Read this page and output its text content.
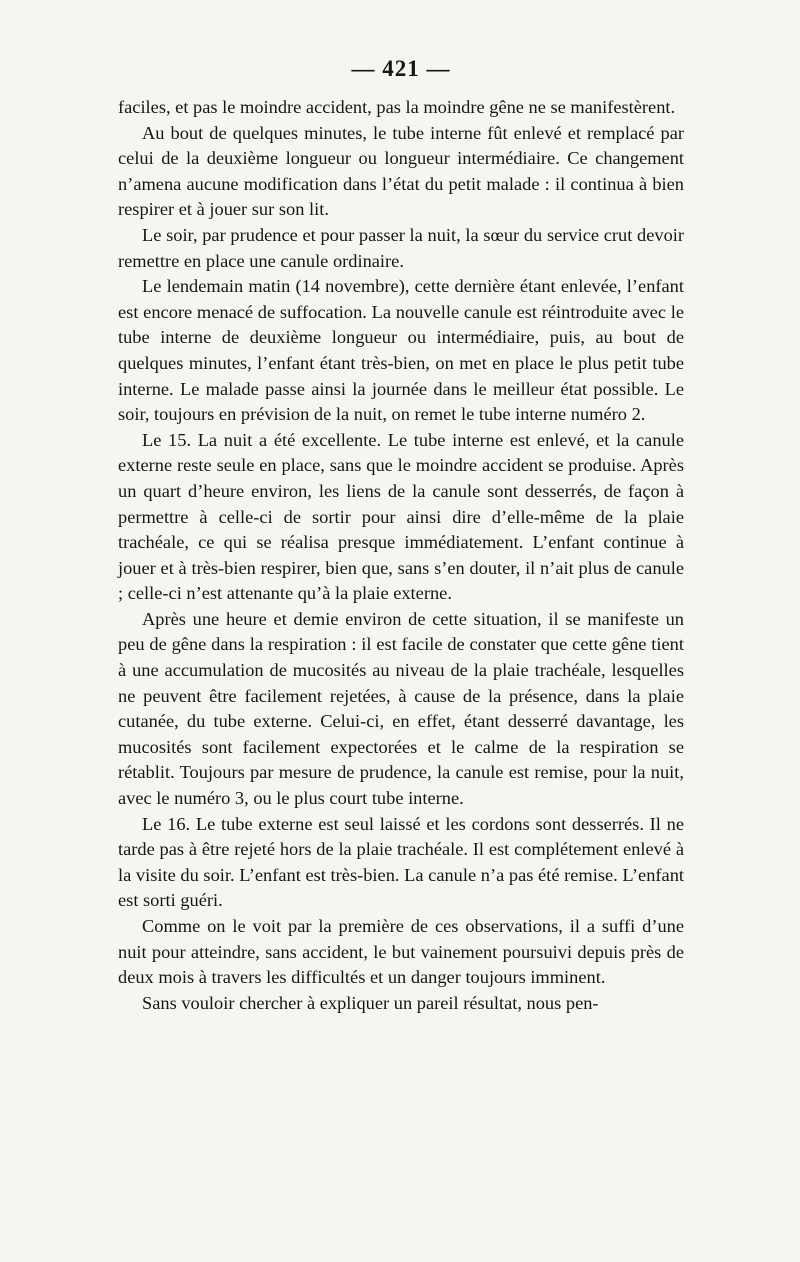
— 421 —

faciles, et pas le moindre accident, pas la moindre gêne ne se manifestèrent.

Au bout de quelques minutes, le tube interne fût enlevé et remplacé par celui de la deuxième longueur ou longueur intermédiaire. Ce changement n’amena aucune modification dans l’état du petit malade : il continua à bien respirer et à jouer sur son lit.

Le soir, par prudence et pour passer la nuit, la sœur du service crut devoir remettre en place une canule ordinaire.

Le lendemain matin (14 novembre), cette dernière étant enlevée, l’enfant est encore menacé de suffocation. La nouvelle canule est réintroduite avec le tube interne de deuxième longueur ou intermédiaire, puis, au bout de quelques minutes, l’enfant étant très-bien, on met en place le plus petit tube interne. Le malade passe ainsi la journée dans le meilleur état possible. Le soir, toujours en prévision de la nuit, on remet le tube interne numéro 2.

Le 15. La nuit a été excellente. Le tube interne est enlevé, et la canule externe reste seule en place, sans que le moindre accident se produise. Après un quart d’heure environ, les liens de la canule sont desserrés, de façon à permettre à celle-ci de sortir pour ainsi dire d’elle-même de la plaie trachéale, ce qui se réalisa presque immédiatement. L’enfant continue à jouer et à très-bien respirer, bien que, sans s’en douter, il n’ait plus de canule ; celle-ci n’est attenante qu’à la plaie externe.

Après une heure et demie environ de cette situation, il se manifeste un peu de gêne dans la respiration : il est facile de constater que cette gêne tient à une accumulation de mucosités au niveau de la plaie trachéale, lesquelles ne peuvent être facilement rejetées, à cause de la présence, dans la plaie cutanée, du tube externe. Celui-ci, en effet, étant desserré davantage, les mucosités sont facilement expectorées et le calme de la respiration se rétablit. Toujours par mesure de prudence, la canule est remise, pour la nuit, avec le numéro 3, ou le plus court tube interne.

Le 16. Le tube externe est seul laissé et les cordons sont desserrés. Il ne tarde pas à être rejeté hors de la plaie trachéale. Il est complétement enlevé à la visite du soir. L’enfant est très-bien. La canule n’a pas été remise. L’enfant est sorti guéri.

Comme on le voit par la première de ces observations, il a suffi d’une nuit pour atteindre, sans accident, le but vainement poursuivi depuis près de deux mois à travers les difficultés et un danger toujours imminent.

Sans vouloir chercher à expliquer un pareil résultat, nous pen-
